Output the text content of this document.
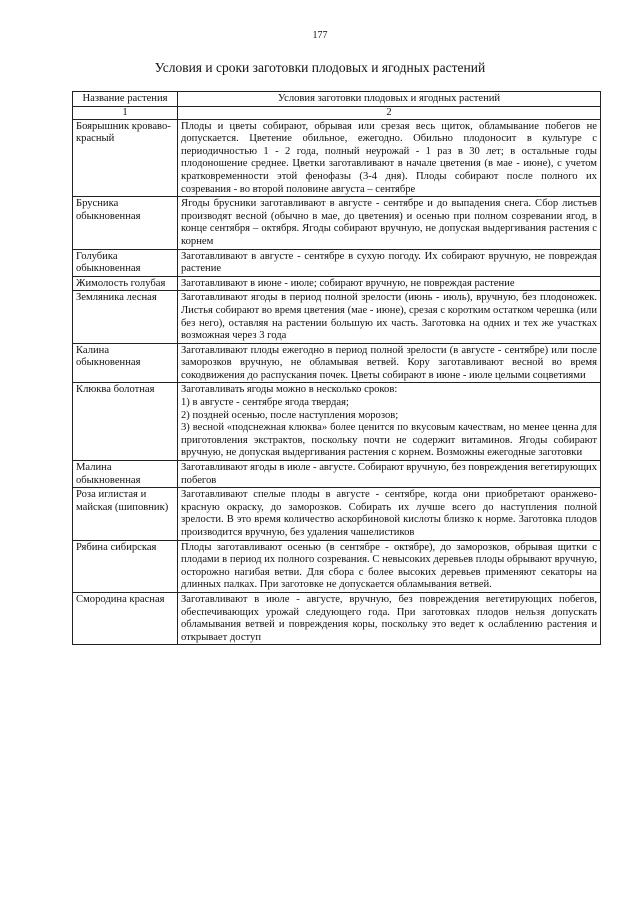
177
Условия и сроки заготовки плодовых и ягодных растений
Название растения	Условия заготовки плодовых и ягодных растений
1	2
Боярышник кроваво-красный	Плоды и цветы собирают, обрывая или срезая весь щиток, обламывание побегов не допускается. Цветение обильное, ежегодно. Обильно плодоносит в культуре с периодичностью 1 - 2 года, полный неурожай - 1 раз в 30 лет; в остальные годы плодоношение среднее. Цветки заготавливают в начале цветения (в мае - июне), с учетом кратковременности этой фенофазы (3-4 дня). Плоды собирают после полного их созревания - во второй половине августа – сентябре
Брусника обыкновенная	Ягоды брусники заготавливают в августе - сентябре и до выпадения снега. Сбор листьев производят весной (обычно в мае, до цветения) и осенью при полном созревании ягод, в конце сентября – октября. Ягоды собирают вручную, не допуская выдергивания растения с корнем
Голубика обыкновенная	Заготавливают в августе - сентябре в сухую погоду. Их собирают вручную, не повреждая растение
Жимолость голубая	Заготавливают в июне - июле; собирают вручную, не повреждая растение
Земляника лесная	Заготавливают ягоды в период полной зрелости (июнь - июль), вручную, без плодоножек. Листья собирают во время цветения (мае - июне), срезая с коротким остатком черешка (или без него), оставляя на растении большую их часть. Заготовка на одних и тех же участках возможная через 3 года
Калина обыкновенная	Заготавливают плоды ежегодно в период полной зрелости (в августе - сентябре) или после заморозков вручную, не обламывая ветвей. Кору заготавливают весной во время сокодвижения до распускания почек. Цветы собирают в июне - июле целыми соцветиями
Клюква болотная	Заготавливать ягоды можно в несколько сроков:
1) в августе - сентябре ягода твердая;
2) поздней осенью, после наступления морозов;
3) весной «подснежная клюква» более ценится по вкусовым качествам, но менее ценна для приготовления экстрактов, поскольку почти не содержит витаминов. Ягоды собирают вручную, не допуская выдергивания растения с корнем. Возможны ежегодные заготовки

Малина обыкновенная	Заготавливают ягоды в июле - августе. Собирают вручную, без повреждения вегетирующих побегов
Роза иглистая и майская (шиповник)	Заготавливают спелые плоды в августе - сентябре, когда они приобретают оранжево-красную окраску, до заморозков. Собирать их лучше всего до наступления полной зрелости. В это время количество аскорбиновой кислоты близко к норме. Заготовка плодов производится вручную, без удаления чашелистиков
Рябина сибирская	Плоды заготавливают осенью (в сентябре - октябре), до заморозков, обрывая щитки с плодами в период их полного созревания. С невысоких деревьев плоды обрывают вручную, осторожно нагибая ветви. Для сбора с более высоких деревьев применяют секаторы на длинных палках. При заготовке не допускается обламывания ветвей.
Смородина красная	Заготавливают в июле - августе, вручную, без повреждения вегетирующих побегов, обеспечивающих урожай следующего года. При заготовках плодов нельзя допускать обламывания ветвей и повреждения коры, поскольку это ведет к ослаблению растения и открывает доступ
